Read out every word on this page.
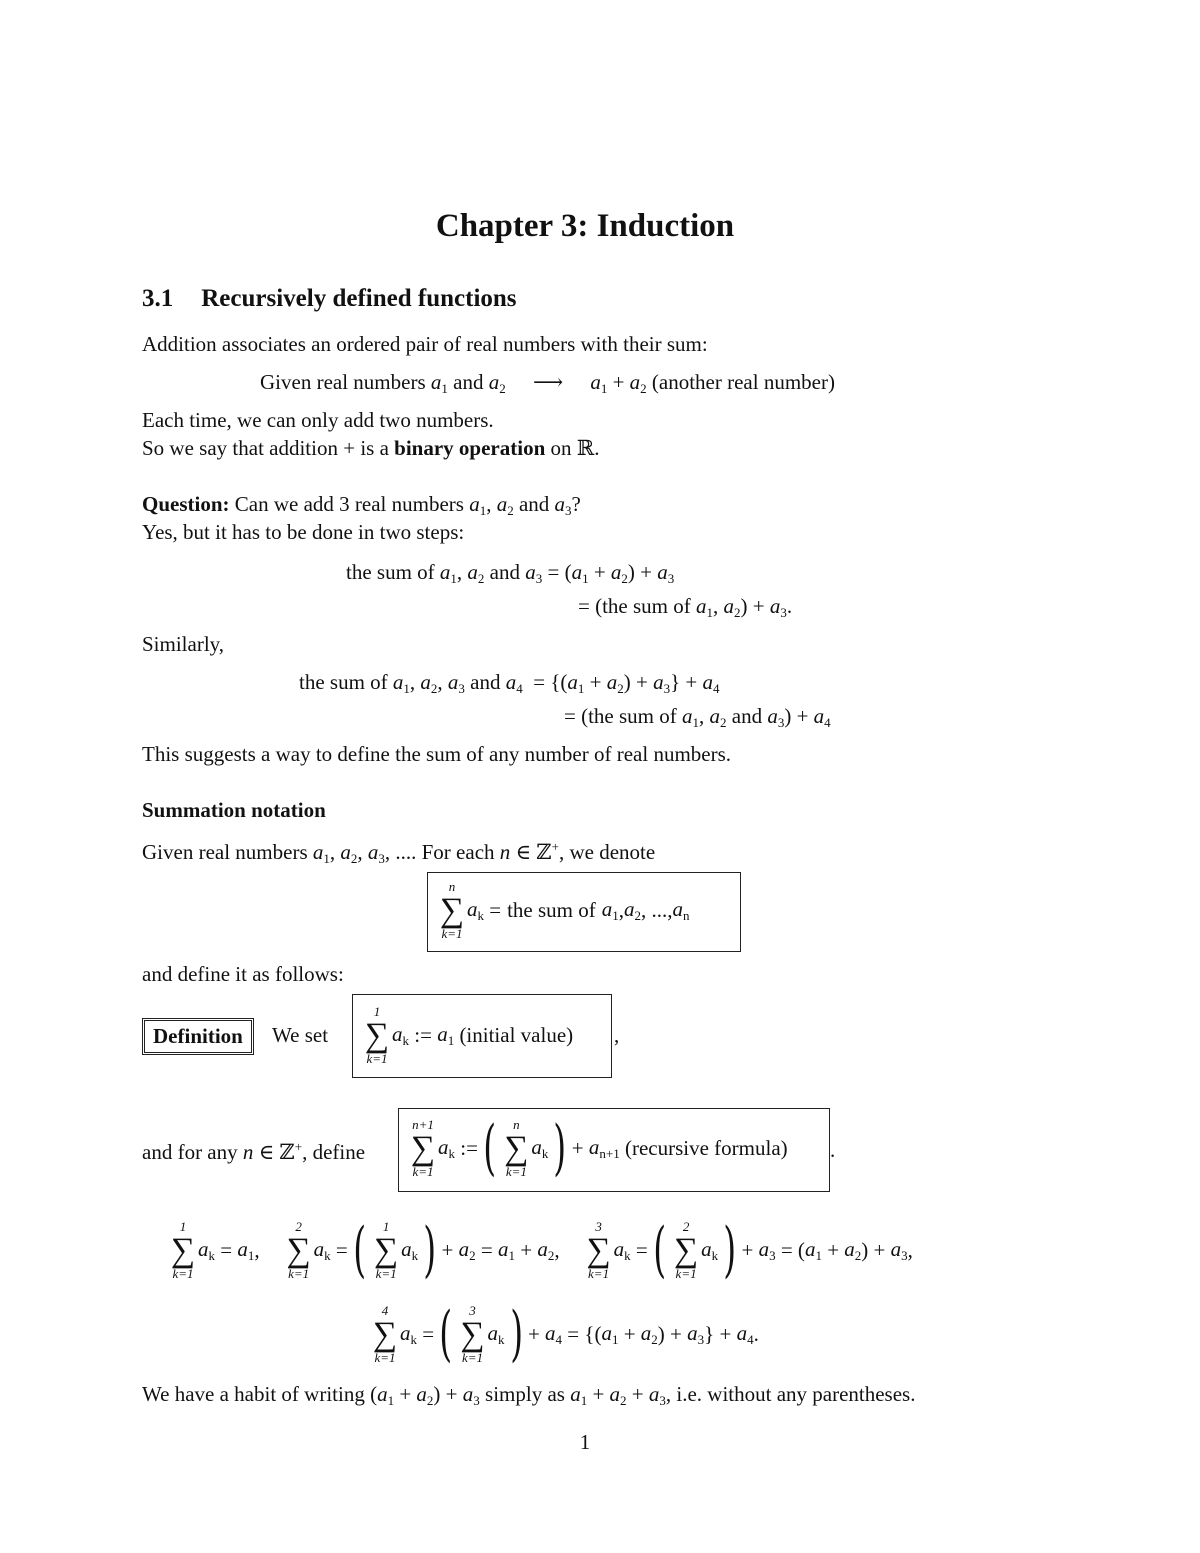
Chapter 3: Induction
3.1 Recursively defined functions
Addition associates an ordered pair of real numbers with their sum:
Given real numbers $a_1$ and $a_2$ ⟶ $a_1 + a_2$ (another real number)
Each time, we can only add two numbers.
So we say that addition + is a binary operation on ℝ.
Question: Can we add 3 real numbers $a_1$, $a_2$ and $a_3$?
Yes, but it has to be done in two steps:
the sum of $a_1$, $a_2$ and $a_3 = (a_1 + a_2) + a_3$
= (the sum of $a_1$, $a_2) + a_3$.
Similarly,
the sum of $a_1$, $a_2$, $a_3$ and $a_4 = \{(a_1 + a_2) + a_3\} + a_4$
= (the sum of $a_1$, $a_2$ and $a_3) + a_4$
This suggests a way to define the sum of any number of real numbers.
Summation notation
Given real numbers $a_1$, $a_2$, $a_3$, .... For each n ∈ ℤ+, we denote
n
∑
k=1
$a_k$ = the sum of $a_1$ , $a_2$ , ..., $a_n$
and define it as follows:
Definition	We set
1
∑
k=1
$a_k$ := $a_1$
(initial value) ,
and for any n ∈ ℤ+, define
n+1
∑
k=1
$a_k$ := (	n
∑
k=1
$a_k$ ) + $a_{n+1}$
(recursive formula) .
1
∑
k=1
$a_k = a_1$ ,
2
∑
k=1
$a_k$ = (	1
∑
k=1
$a_k$ ) + $a_2 = a_1 + a_2$ ,
3
∑
k=1
$a_k$ = (	2
∑
k=1
$a_k$ ) + $a_3$ = ( $a_1 + a_2$ ) + $a_3$ ,
4
∑
k=1
$a_k$ = (	3
∑
k=1
$a_k$ ) + $a_4$ = {( $a_1 + a_2$ ) + $a_3$ } + $a_4$ .
We have a habit of writing $(a_1 + a_2) + a_3$ simply as $a_1 + a_2 + a_3$, i.e. without any parentheses.
1
